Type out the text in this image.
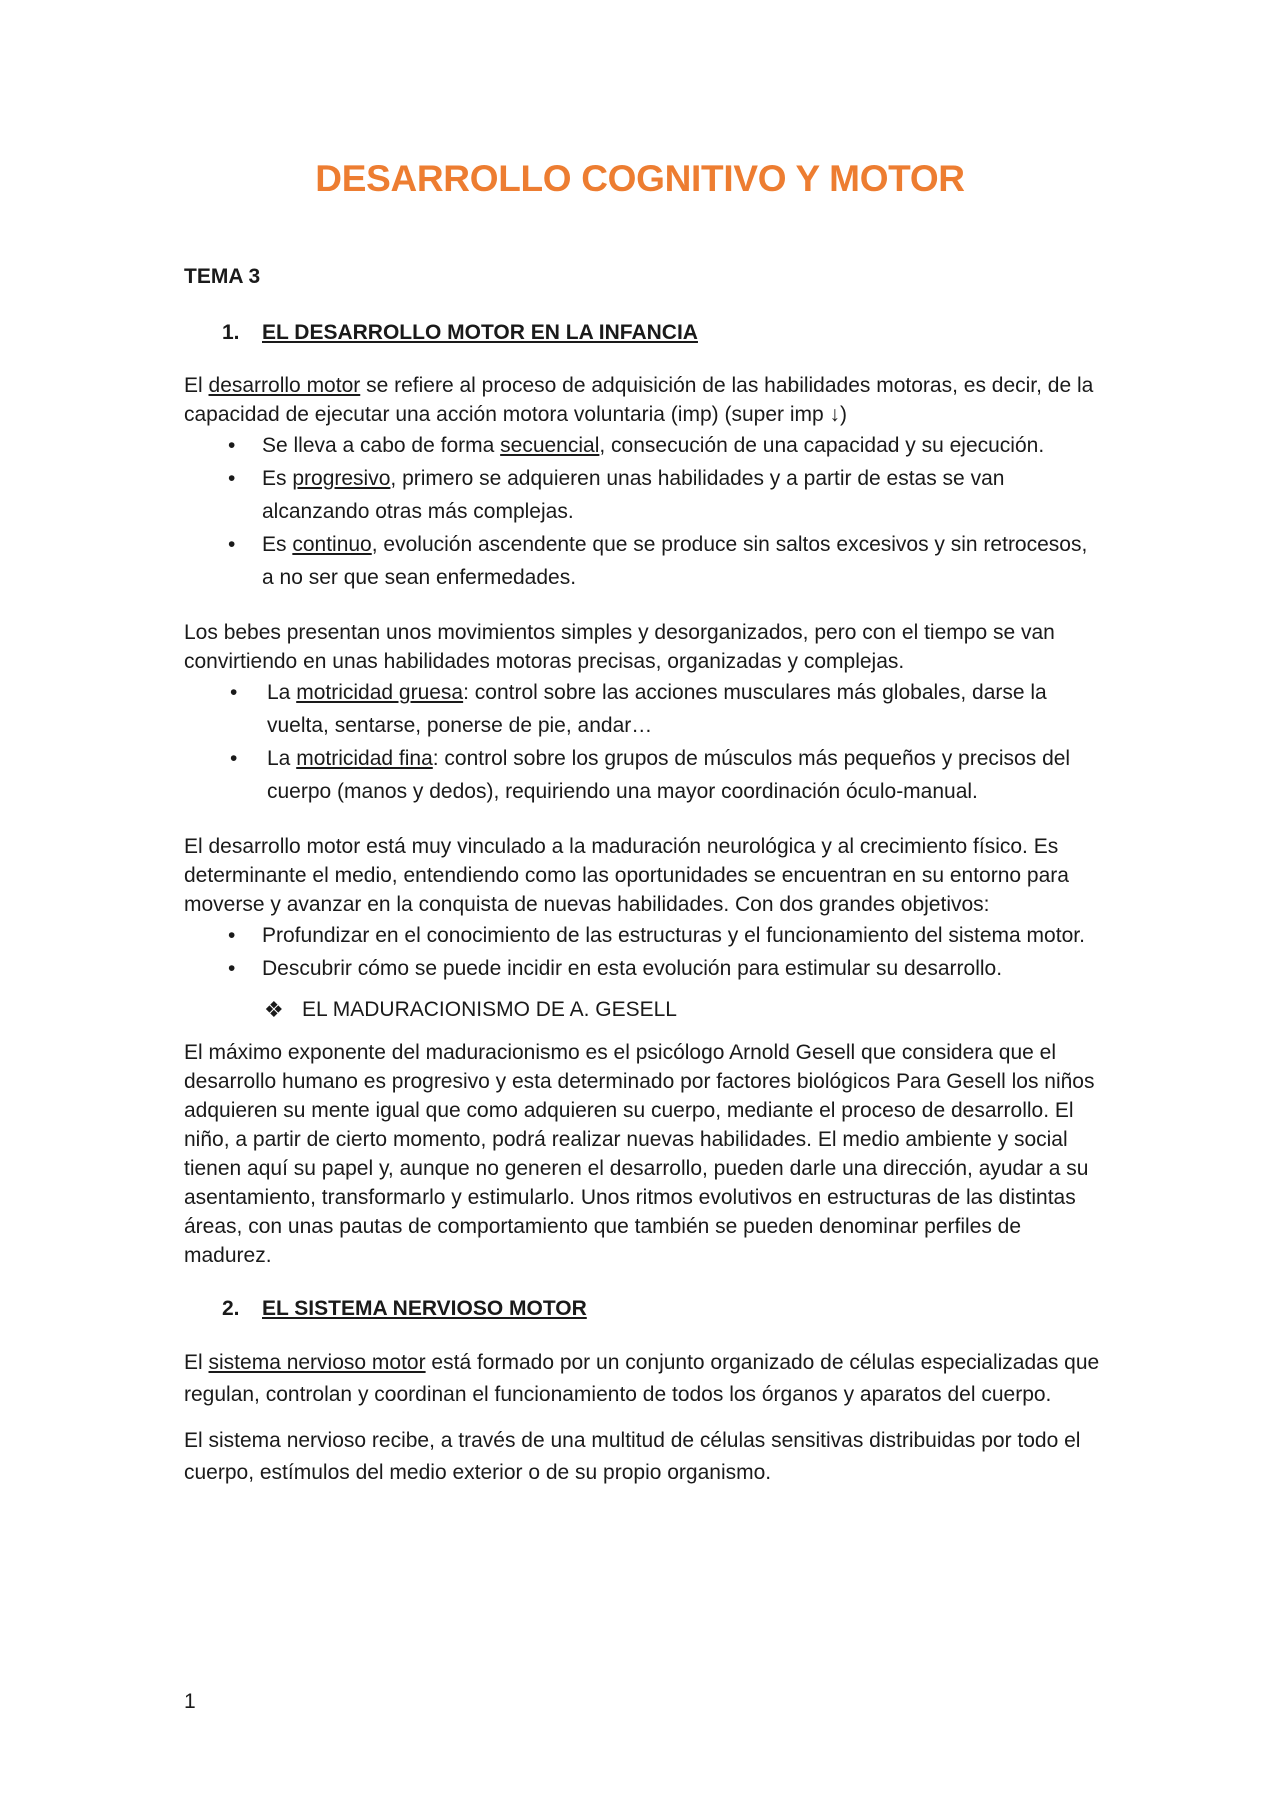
DESARROLLO COGNITIVO Y MOTOR

TEMA 3

1.	EL DESARROLLO MOTOR EN LA INFANCIA

El desarrollo motor se refiere al proceso de adquisición de las habilidades motoras, es decir, de la capacidad de ejecutar una acción motora voluntaria (imp) (super imp ↓)

• Se lleva a cabo de forma secuencial, consecución de una capacidad y su ejecución.
• Es progresivo, primero se adquieren unas habilidades y a partir de estas se van alcanzando otras más complejas.
• Es continuo, evolución ascendente que se produce sin saltos excesivos y sin retrocesos, a no ser que sean enfermedades.

Los bebes presentan unos movimientos simples y desorganizados, pero con el tiempo se van convirtiendo en unas habilidades motoras precisas, organizadas y complejas.

• La motricidad gruesa: control sobre las acciones musculares más globales, darse la vuelta, sentarse, ponerse de pie, andar…
• La motricidad fina: control sobre los grupos de músculos más pequeños y precisos del cuerpo (manos y dedos), requiriendo una mayor coordinación óculo-manual.

El desarrollo motor está muy vinculado a la maduración neurológica y al crecimiento físico. Es determinante el medio, entendiendo como las oportunidades se encuentran en su entorno para moverse y avanzar en la conquista de nuevas habilidades. Con dos grandes objetivos:

• Profundizar en el conocimiento de las estructuras y el funcionamiento del sistema motor.
• Descubrir cómo se puede incidir en esta evolución para estimular su desarrollo.
❖ EL MADURACIONISMO DE A. GESELL

El máximo exponente del maduracionismo es el psicólogo Arnold Gesell que considera que el desarrollo humano es progresivo y esta determinado por factores biológicos Para Gesell los niños adquieren su mente igual que como adquieren su cuerpo, mediante el proceso de desarrollo. El niño, a partir de cierto momento, podrá realizar nuevas habilidades. El medio ambiente y social tienen aquí su papel y, aunque no generen el desarrollo, pueden darle una dirección, ayudar a su asentamiento, transformarlo y estimularlo. Unos ritmos evolutivos en estructuras de las distintas áreas, con unas pautas de comportamiento que también se pueden denominar perfiles de madurez.

2.	EL SISTEMA NERVIOSO MOTOR

El sistema nervioso motor está formado por un conjunto organizado de células especializadas que regulan, controlan y coordinan el funcionamiento de todos los órganos y aparatos del cuerpo.

El sistema nervioso recibe, a través de una multitud de células sensitivas distribuidas por todo el cuerpo, estímulos del medio exterior o de su propio organismo.

1
